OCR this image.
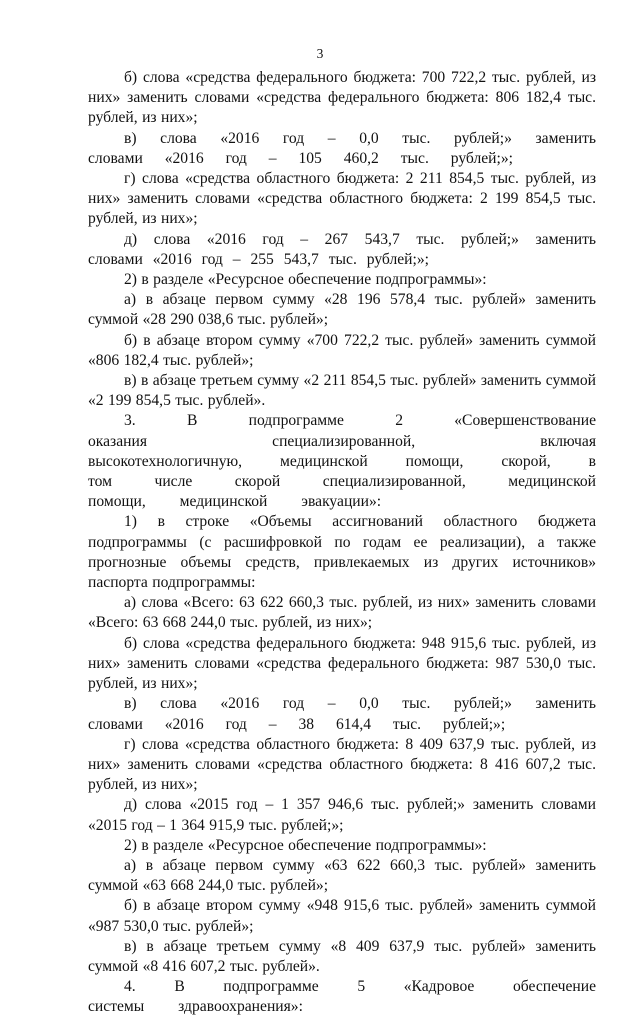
3

б) слова «средства федерального бюджета: 700 722,2 тыс. рублей, из них» заменить словами «средства федерального бюджета: 806 182,4 тыс. рублей, из них»;

в) слова «2016 год – 0,0 тыс. рублей;» заменить словами «2016 год – 105 460,2 тыс. рублей;»;

г) слова «средства областного бюджета: 2 211 854,5 тыс. рублей, из них» заменить словами «средства областного бюджета: 2 199 854,5 тыс. рублей, из них»;

д) слова «2016 год – 267 543,7 тыс. рублей;» заменить словами «2016 год – 255 543,7 тыс. рублей;»;

2) в разделе «Ресурсное обеспечение подпрограммы»:

а) в абзаце первом сумму «28 196 578,4 тыс. рублей» заменить суммой «28 290 038,6 тыс. рублей»;

б) в абзаце втором сумму «700 722,2 тыс. рублей» заменить суммой «806 182,4 тыс. рублей»;

в) в абзаце третьем сумму «2 211 854,5 тыс. рублей» заменить суммой «2 199 854,5 тыс. рублей».

3. В подпрограмме 2 «Совершенствование оказания специализированной, включая высокотехнологичную, медицинской помощи, скорой, в том числе скорой специализированной, медицинской помощи, медицинской эвакуации»:

1) в строке «Объемы ассигнований областного бюджета подпрограммы (с расшифровкой по годам ее реализации), а также прогнозные объемы средств, привлекаемых из других источников» паспорта подпрограммы:

а) слова «Всего: 63 622 660,3 тыс. рублей, из них» заменить словами «Всего: 63 668 244,0 тыс. рублей, из них»;

б) слова «средства федерального бюджета: 948 915,6 тыс. рублей, из них» заменить словами «средства федерального бюджета: 987 530,0 тыс. рублей, из них»;

в) слова «2016 год – 0,0 тыс. рублей;» заменить словами «2016 год – 38 614,4 тыс. рублей;»;

г) слова «средства областного бюджета: 8 409 637,9 тыс. рублей, из них» заменить словами «средства областного бюджета: 8 416 607,2 тыс. рублей, из них»;

д) слова «2015 год – 1 357 946,6 тыс. рублей;» заменить словами «2015 год – 1 364 915,9 тыс. рублей;»;

2) в разделе «Ресурсное обеспечение подпрограммы»:

а) в абзаце первом сумму «63 622 660,3 тыс. рублей» заменить суммой «63 668 244,0 тыс. рублей»;

б) в абзаце втором сумму «948 915,6 тыс. рублей» заменить суммой «987 530,0 тыс. рублей»;

в) в абзаце третьем сумму «8 409 637,9 тыс. рублей» заменить суммой «8 416 607,2 тыс. рублей».

4. В подпрограмме 5 «Кадровое обеспечение системы здравоохранения»:
